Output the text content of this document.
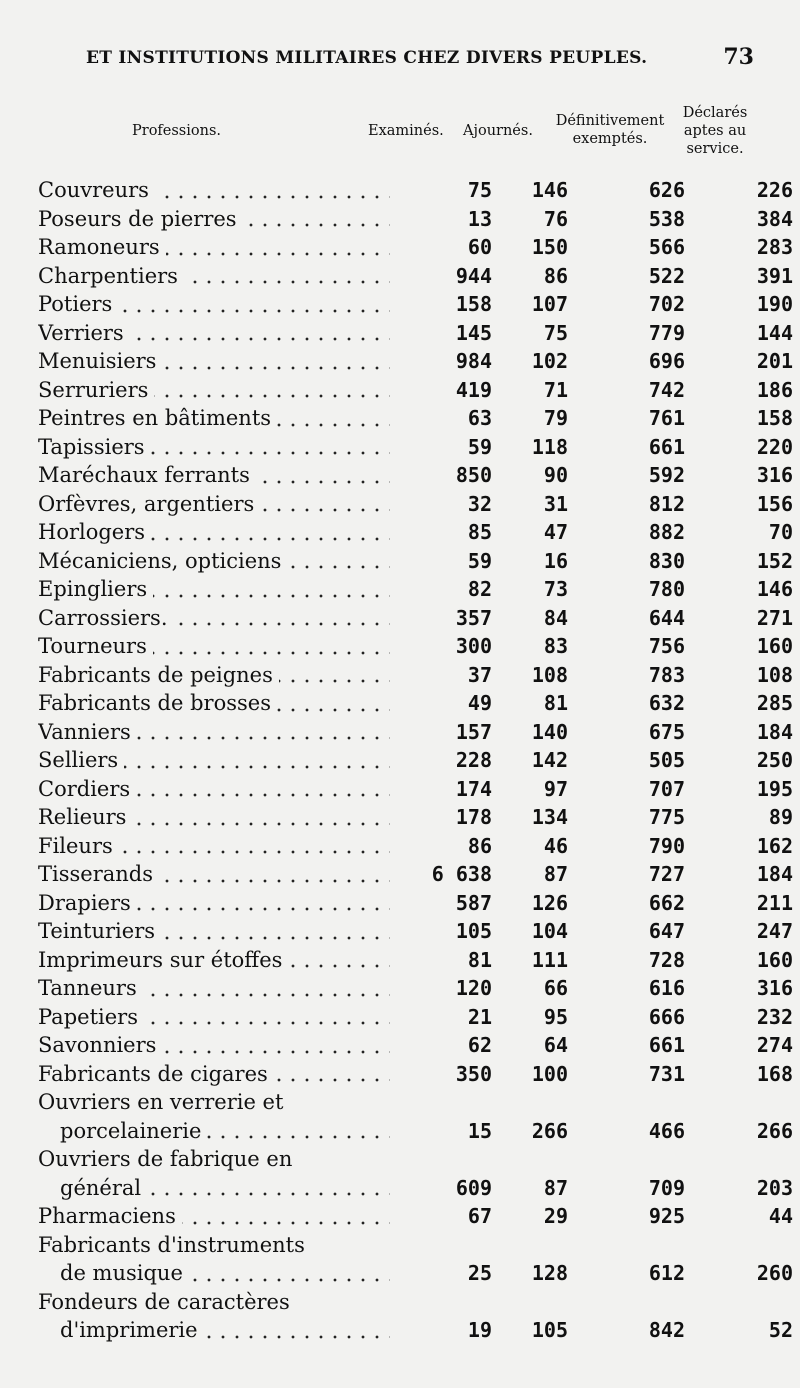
ET INSTITUTIONS MILITAIRES CHEZ DIVERS PEUPLES.	73
Professions.	Examinés. Ajournés.
Définitivement
exemptés.
Déclarés
aptes au
service.
Couvreurs	75	146	626	226

Poseurs de pierres	13	76	538	384

Ramoneurs	60	150	566	283

Charpentiers	944	86	522	391

Potiers	158	107	702	190

Verriers	145	75	779	144

Menuisiers	984	102	696	201

Serruriers	419	71	742	186

Peintres en bâtiments	63	79	761	158

Tapissiers	59	118	661	220

Maréchaux ferrants	850	90	592	316

Orfèvres, argentiers	32	31	812	156

Horlogers	85	47	882	70

Mécaniciens, opticiens	59	16	830	152

Epingliers	82	73	780	146

Carrossiers.	357	84	644	271

Tourneurs	300	83	756	160

Fabricants de peignes	37	108	783	108

Fabricants de brosses	49	81	632	285

Vanniers	157	140	675	184

Selliers	228	142	505	250

Cordiers	174	97	707	195

Relieurs	178	134	775	89

Fileurs	86	46	790	162

Tisserands	6 638	87	727	184

Drapiers	587	126	662	211

Teinturiers	105	104	647	247

Imprimeurs sur étoffes	81	111	728	160

Tanneurs	120	66	616	316

Papetiers	21	95	666	232

Savonniers	62	64	661	274

Fabricants de cigares	350	100	731	168

Ouvriers en verrerie et
porcelainerie	15	266	466	266

Ouvriers de fabrique en
général	609	87	709	203

Pharmaciens	67	29	925	44

Fabricants d'instruments
de musique	25	128	612	260

Fondeurs de caractères
d'imprimerie	19	105	842	52
